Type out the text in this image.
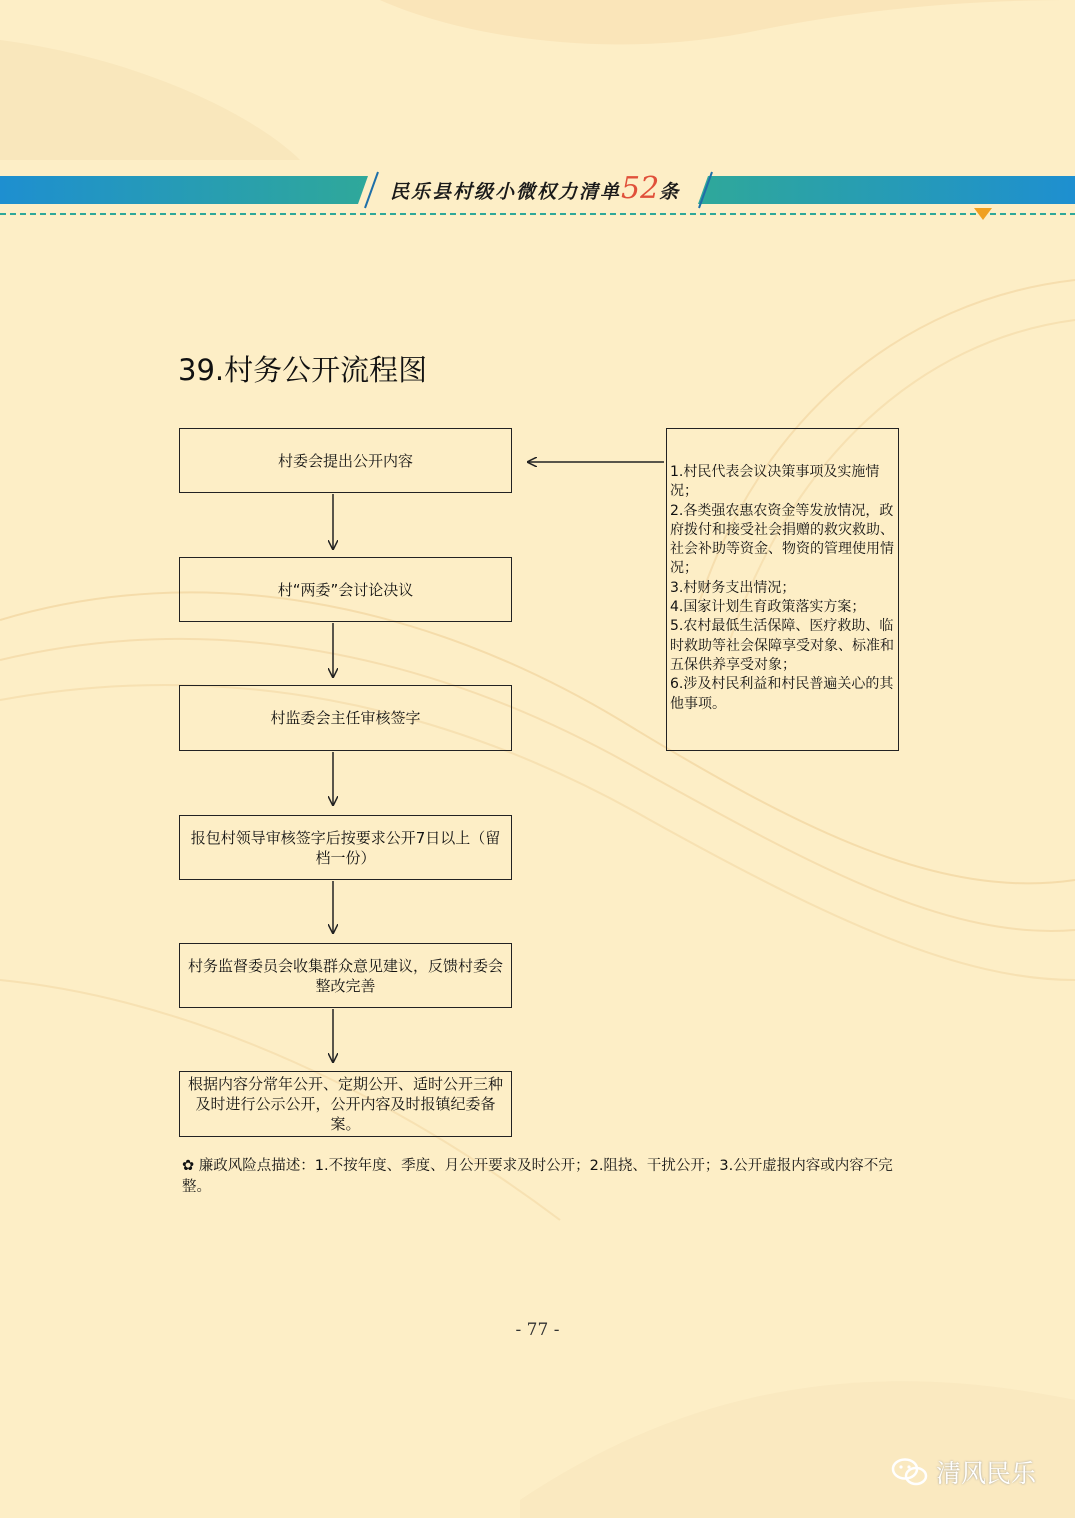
民乐县村级小微权力清单52条
39.村务公开流程图
村委会提出公开内容
村“两委”会讨论决议
村监委会主任审核签字
报包村领导审核签字后按要求公开7日以上（留档一份）
村务监督委员会收集群众意见建议，反馈村委会整改完善
根据内容分常年公开、定期公开、适时公开三种及时进行公示公开，公开内容及时报镇纪委备案。
1.村民代表会议决策事项及实施情况；
2.各类强农惠农资金等发放情况，政府拨付和接受社会捐赠的救灾救助、社会补助等资金、物资的管理使用情况；
3.村财务支出情况；
4.国家计划生育政策落实方案；
5.农村最低生活保障、医疗救助、临时救助等社会保障享受对象、标准和五保供养享受对象；
6.涉及村民利益和村民普遍关心的其他事项。
✿ 廉政风险点描述：1.不按年度、季度、月公开要求及时公开；2.阻挠、干扰公开；3.公开虚报内容或内容不完整。
- 77 -
清风民乐
